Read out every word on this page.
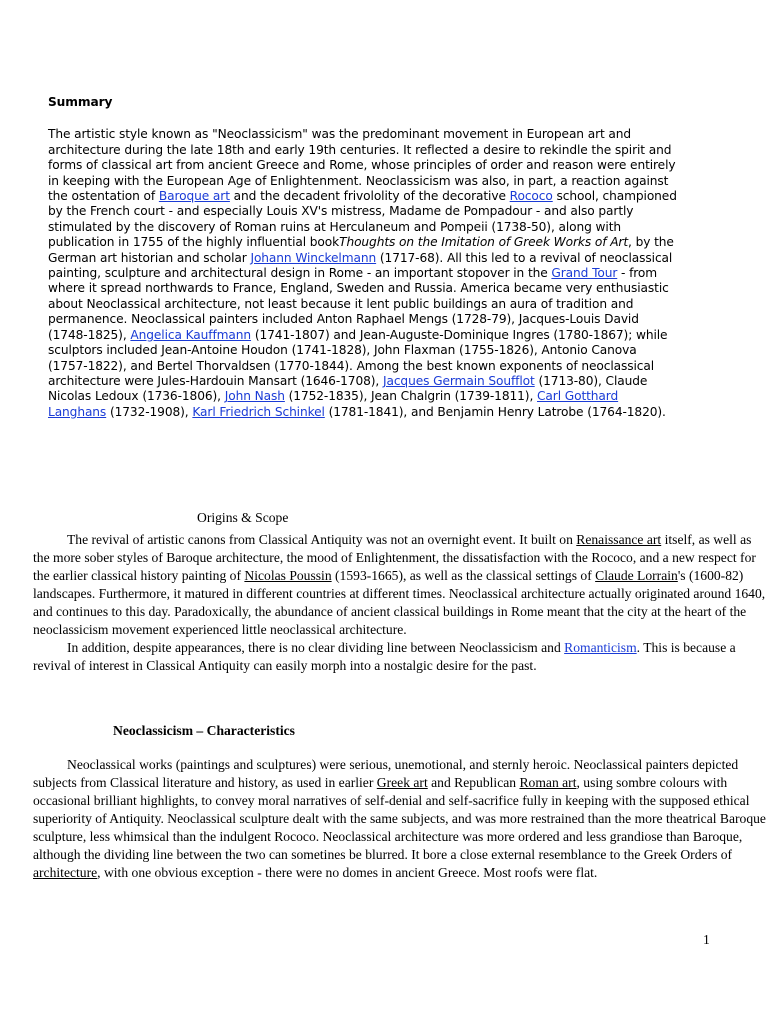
Summary

The artistic style known as "Neoclassicism" was the predominant movement in European art and architecture during the late 18th and early 19th centuries. It reflected a desire to rekindle the spirit and forms of classical art from ancient Greece and Rome, whose principles of order and reason were entirely in keeping with the European Age of Enlightenment. Neoclassicism was also, in part, a reaction against the ostentation of Baroque art and the decadent frivololity of the decorative Rococo school, championed by the French court - and especially Louis XV's mistress, Madame de Pompadour - and also partly stimulated by the discovery of Roman ruins at Herculaneum and Pompeii (1738-50), along with publication in 1755 of the highly influential bookThoughts on the Imitation of Greek Works of Art, by the German art historian and scholar Johann Winckelmann (1717-68). All this led to a revival of neoclassical painting, sculpture and architectural design in Rome - an important stopover in the Grand Tour - from where it spread northwards to France, England, Sweden and Russia. America became very enthusiastic about Neoclassical architecture, not least because it lent public buildings an aura of tradition and permanence. Neoclassical painters included Anton Raphael Mengs (1728-79), Jacques-Louis David (1748-1825), Angelica Kauffmann (1741-1807) and Jean-Auguste-Dominique Ingres (1780-1867); while sculptors included Jean-Antoine Houdon (1741-1828), John Flaxman (1755-1826), Antonio Canova (1757-1822), and Bertel Thorvaldsen (1770-1844). Among the best known exponents of neoclassical architecture were Jules-Hardouin Mansart (1646-1708), Jacques Germain Soufflot (1713-80), Claude Nicolas Ledoux (1736-1806), John Nash (1752-1835), Jean Chalgrin (1739-1811), Carl Gotthard Langhans (1732-1908), Karl Friedrich Schinkel (1781-1841), and Benjamin Henry Latrobe (1764-1820).

Origins & Scope

The revival of artistic canons from Classical Antiquity was not an overnight event. It built on Renaissance art itself, as well as the more sober styles of Baroque architecture, the mood of Enlightenment, the dissatisfaction with the Rococo, and a new respect for the earlier classical history painting of Nicolas Poussin (1593-1665), as well as the classical settings of Claude Lorrain's (1600-82) landscapes. Furthermore, it matured in different countries at different times. Neoclassical architecture actually originated around 1640, and continues to this day. Paradoxically, the abundance of ancient classical buildings in Rome meant that the city at the heart of the neoclassicism movement experienced little neoclassical architecture.

In addition, despite appearances, there is no clear dividing line between Neoclassicism and Romanticism. This is because a revival of interest in Classical Antiquity can easily morph into a nostalgic desire for the past.

Neoclassicism – Characteristics

Neoclassical works (paintings and sculptures) were serious, unemotional, and sternly heroic. Neoclassical painters depicted subjects from Classical literature and history, as used in earlier Greek art and Republican Roman art, using sombre colours with occasional brilliant highlights, to convey moral narratives of self-denial and self-sacrifice fully in keeping with the supposed ethical superiority of Antiquity. Neoclassical sculpture dealt with the same subjects, and was more restrained than the more theatrical Baroque sculpture, less whimsical than the indulgent Rococo. Neoclassical architecture was more ordered and less grandiose than Baroque, although the dividing line between the two can sometines be blurred. It bore a close external resemblance to the Greek Orders of architecture, with one obvious exception - there were no domes in ancient Greece. Most roofs were flat.

1
